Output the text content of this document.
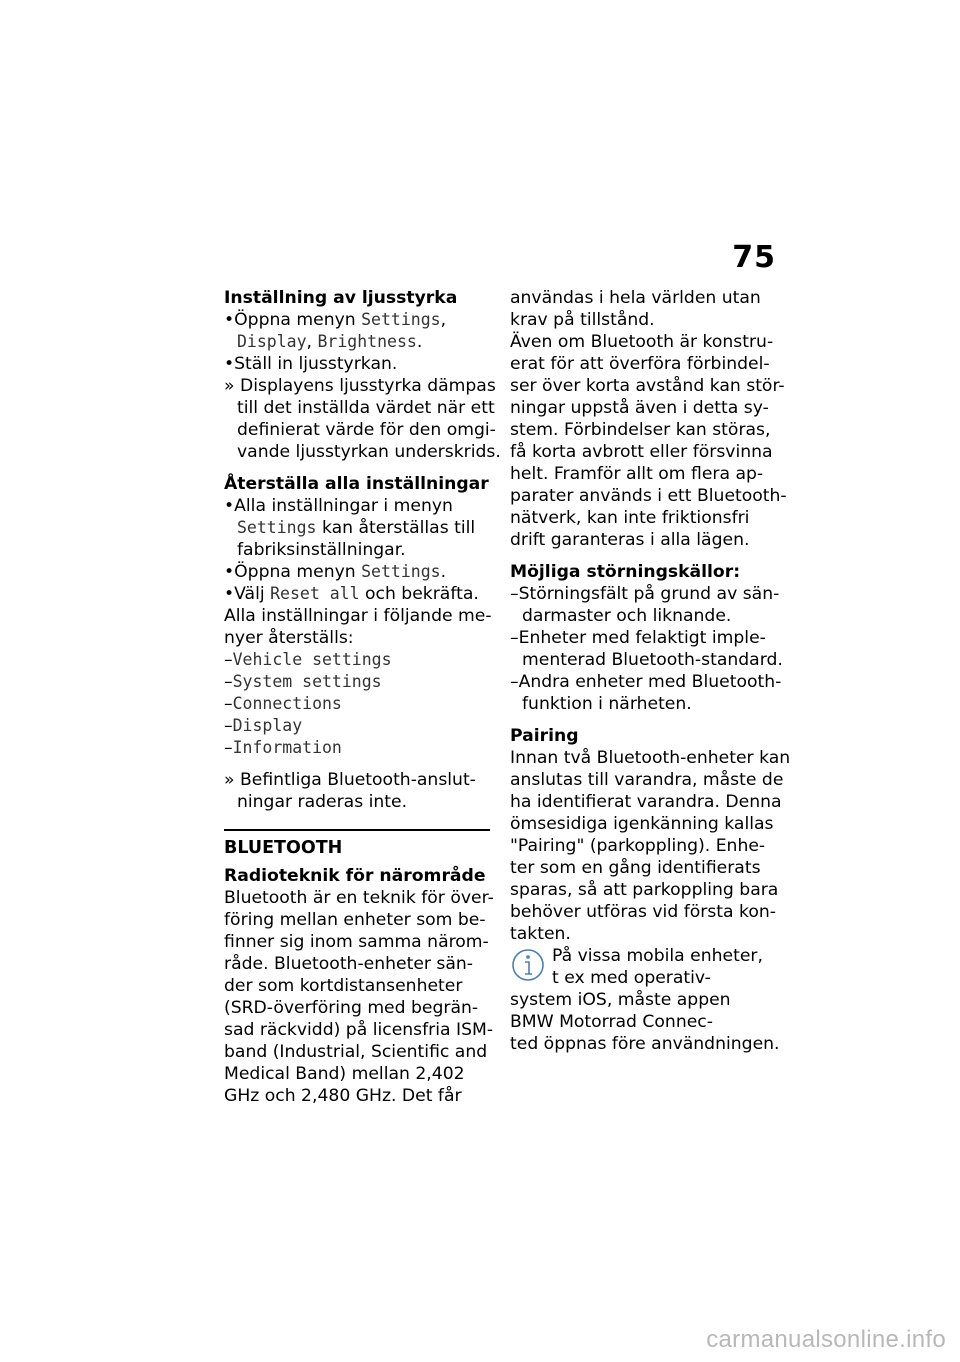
75
Inställning av ljusstyrka
•Öppna menyn Settings,
Display, Brightness.
•Ställ in ljusstyrkan.
» Displayens ljusstyrka dämpas
till det inställda värdet när ett
definierat värde för den omgi-
vande ljusstyrkan underskrids.
Återställa alla inställningar
•Alla inställningar i menyn
Settings kan återställas till
fabriksinställningar.
•Öppna menyn Settings.
•Välj Reset all och bekräfta.
Alla inställningar i följande me-
nyer återställs:
–Vehicle settings
–System settings
–Connections
–Display
–Information
» Befintliga Bluetooth-anslut-
ningar raderas inte.
BLUETOOTH
Radioteknik för närområde
Bluetooth är en teknik för över-
föring mellan enheter som be-
finner sig inom samma närom-
råde. Bluetooth-enheter sän-
der som kortdistansenheter
(SRD-överföring med begrän-
sad räckvidd) på licensfria ISM-
band (Industrial, Scientific and
Medical Band) mellan 2,402
GHz och 2,480 GHz. Det får
användas i hela världen utan
krav på tillstånd.
Även om Bluetooth är konstru-
erat för att överföra förbindel-
ser över korta avstånd kan stör-
ningar uppstå även i detta sy-
stem. Förbindelser kan störas,
få korta avbrott eller försvinna
helt. Framför allt om flera ap-
parater används i ett Bluetooth-
nätverk, kan inte friktionsfri
drift garanteras i alla lägen.
Möjliga störningskällor:
–Störningsfält på grund av sän-
darmaster och liknande.
–Enheter med felaktigt imple-
menterad Bluetooth-standard.
–Andra enheter med Bluetooth-
funktion i närheten.
Pairing
Innan två Bluetooth-enheter kan
anslutas till varandra, måste de
ha identifierat varandra. Denna
ömsesidiga igenkänning kallas
"Pairing" (parkoppling). Enhe-
ter som en gång identifierats
sparas, så att parkoppling bara
behöver utföras vid första kon-
takten.
På vissa mobila enheter,
t ex med operativ-
system iOS, måste appen
BMW Motorrad Connec-
ted öppnas före användningen.
carmanualsonline.info
